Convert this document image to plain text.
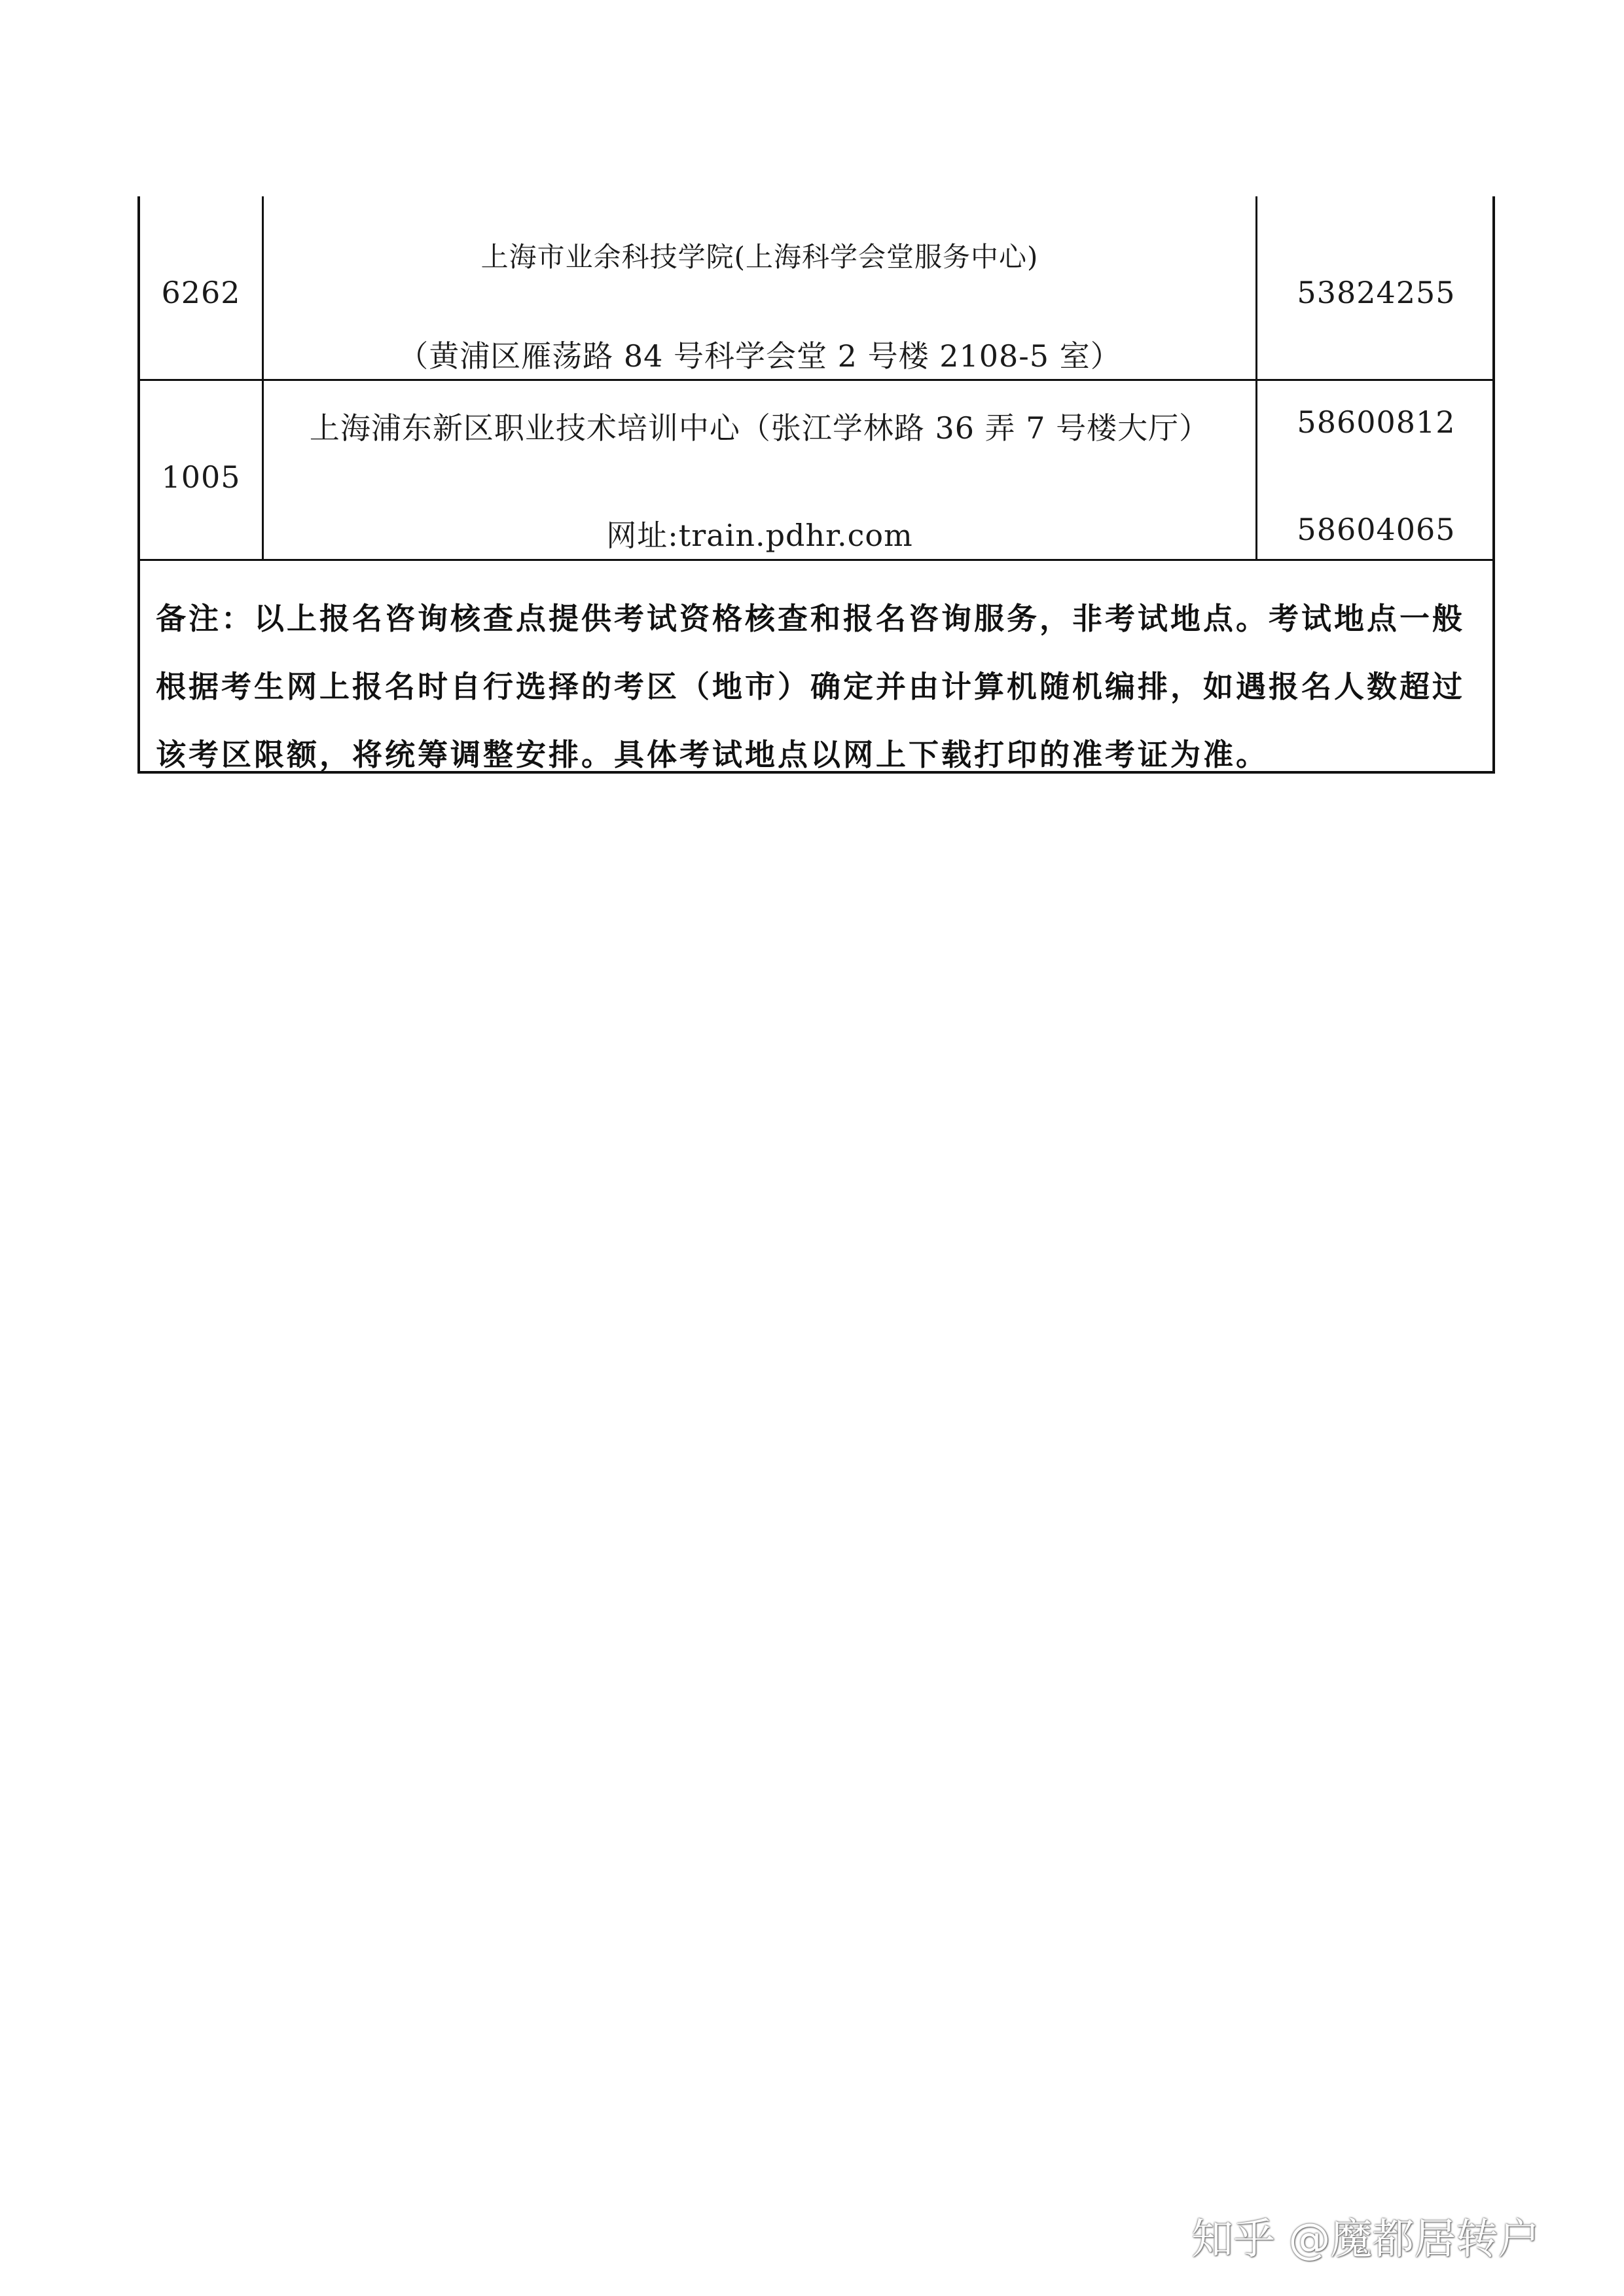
6262
上海市业余科技学院(上海科学会堂服务中心)
（黄浦区雁荡路 84 号科学会堂 2 号楼 2108-5 室）
53824255
1005
上海浦东新区职业技术培训中心（张江学林路 36 弄 7 号楼大厅）
网址:train.pdhr.com
58600812
58604065
备注：以上报名咨询核查点提供考试资格核查和报名咨询服务，非考试地点。考试地点一般根据考生网上报名时自行选择的考区（地市）确定并由计算机随机编排，如遇报名人数超过该考区限额，将统筹调整安排。具体考试地点以网上下载打印的准考证为准。
知乎 @魔都居转户
